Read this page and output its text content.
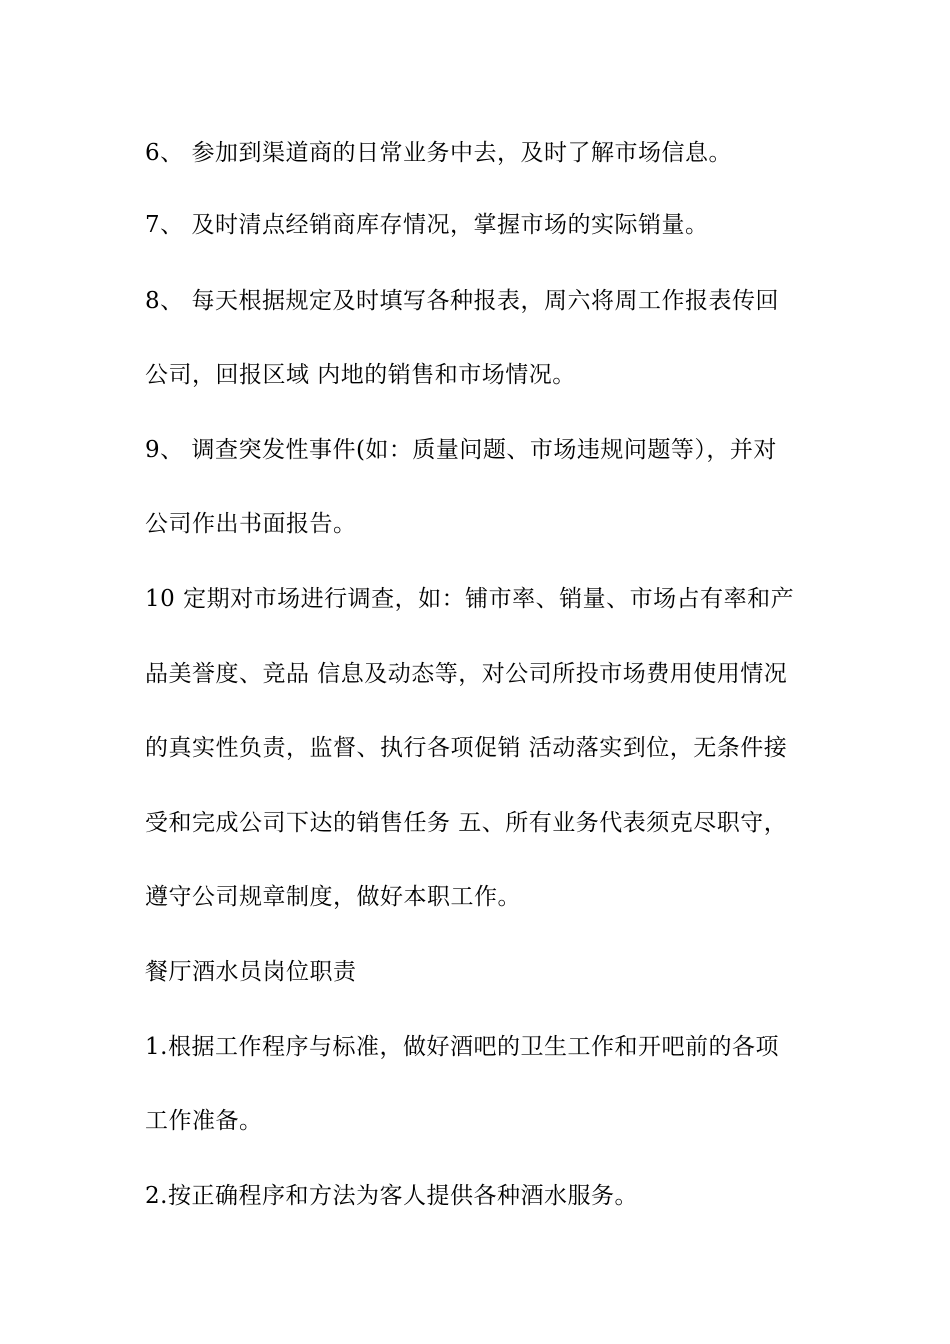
6、 参加到渠道商的日常业务中去，及时了解市场信息。
7、 及时清点经销商库存情况，掌握市场的实际销量。
8、 每天根据规定及时填写各种报表，周六将周工作报表传回
公司，回报区域 内地的销售和市场情况。
9、 调查突发性事件(如：质量问题、市场违规问题等），并对
公司作出书面报告。
10 定期对市场进行调查，如：铺市率、销量、市场占有率和产
品美誉度、竞品 信息及动态等，对公司所投市场费用使用情况
的真实性负责，监督、执行各项促销 活动落实到位，无条件接
受和完成公司下达的销售任务 五、所有业务代表须克尽职守，
遵守公司规章制度，做好本职工作。
餐厅酒水员岗位职责
1.根据工作程序与标准，做好酒吧的卫生工作和开吧前的各项
工作准备。
2.按正确程序和方法为客人提供各种酒水服务。
